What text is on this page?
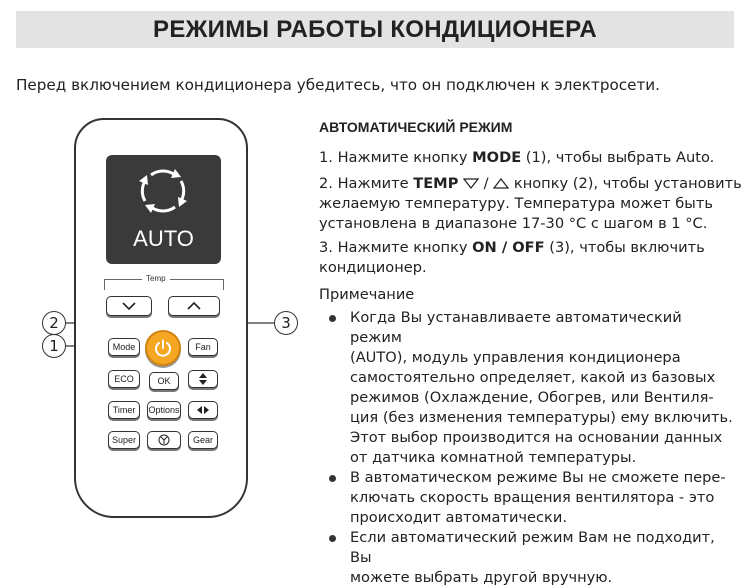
РЕЖИМЫ РАБОТЫ КОНДИЦИОНЕРА
Перед включением кондиционера убедитесь, что он подключен к электросети.
AUTO
Temp
Mode	Fan
ECO	OK
Timer	Options
Super	Gear
2
1
3
АВТОМАТИЧЕСКИЙ РЕЖИМ
1. Нажмите кнопку MODE (1), чтобы выбрать Auto.
2. Нажмите TEMP  /  кнопку (2), чтобы установить
желаемую температуру. Температура может быть
установлена в диапазоне 17-30 °C с шагом в 1 °C.
3. Нажмите кнопку ON / OFF (3), чтобы включить
кондиционер.
Примечание
Когда Вы устанавливаете автоматический режим
(AUTO), модуль управления кондиционера
самостоятельно определяет, какой из базовых
режимов (Охлаждение, Обогрев, или Вентиля-
ция (без изменения температуры) ему включить.
Этот выбор производится на основании данных
от датчика комнатной температуры.
В автоматическом режиме Вы не сможете пере-
ключать скорость вращения вентилятора - это
происходит автоматически.
Если автоматический режим Вам не подходит, Вы
можете выбрать другой вручную.
